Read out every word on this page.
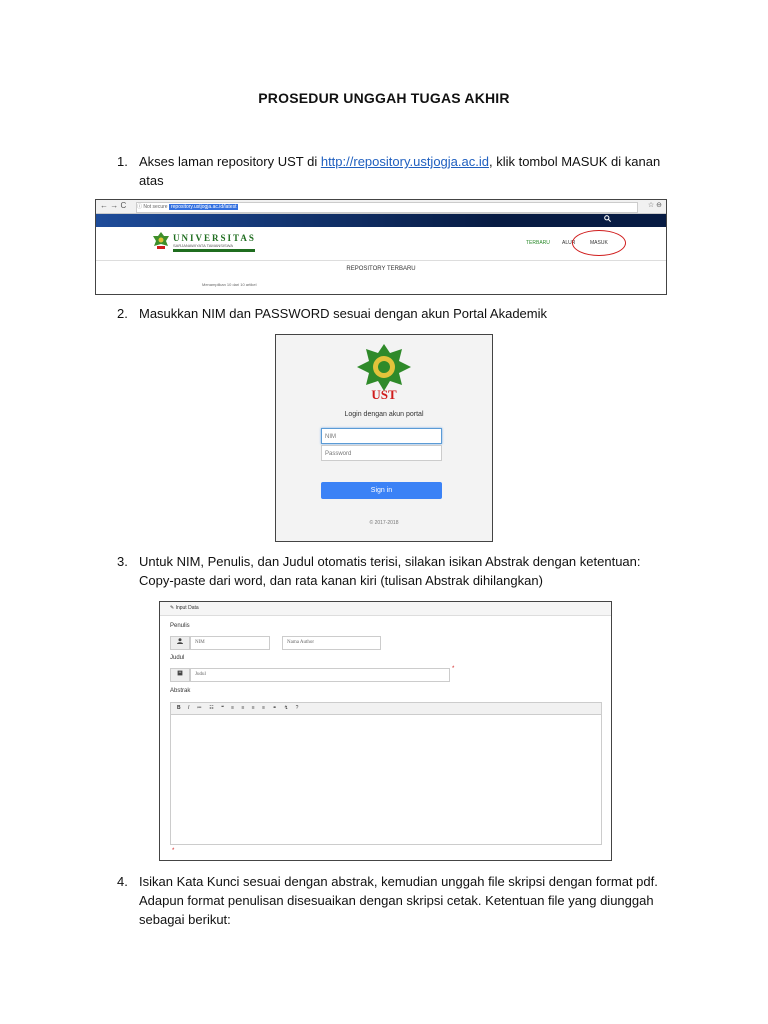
PROSEDUR UNGGAH TUGAS AKHIR
1. Akses laman repository UST di http://repository.ustjogja.ac.id, klik tombol MASUK di kanan atas
← → C ⓘ Not secure repository.ustjogja.ac.id/latest	☆ ⊖
UNIVERSITAS
SARJANAWIYATA TAMANSISWA	TERBARU ALUR	MASUK
REPOSITORY TERBARU
Menampilkan 10 dari 10 artikel
2. Masukkan NIM dan PASSWORD sesuai dengan akun Portal Akademik
UST
Login dengan akun portal
NIM
Password
Sign in
© 2017-2018
3. Untuk NIM, Penulis, dan Judul otomatis terisi, silakan isikan Abstrak dengan ketentuan: Copy-paste dari word, dan rata kanan kiri (tulisan Abstrak dihilangkan)
✎ Input Data
Penulis
NIM	Nama Author
Judul
Judul
*
Abstrak
B I ≔ ☷ ❝ ≡ ≡ ≡ ≡ ⚭ ↯ ?
*
4. Isikan Kata Kunci sesuai dengan abstrak, kemudian unggah file skripsi dengan format pdf. Adapun format penulisan disesuaikan dengan skripsi cetak. Ketentuan file yang diunggah sebagai berikut:
